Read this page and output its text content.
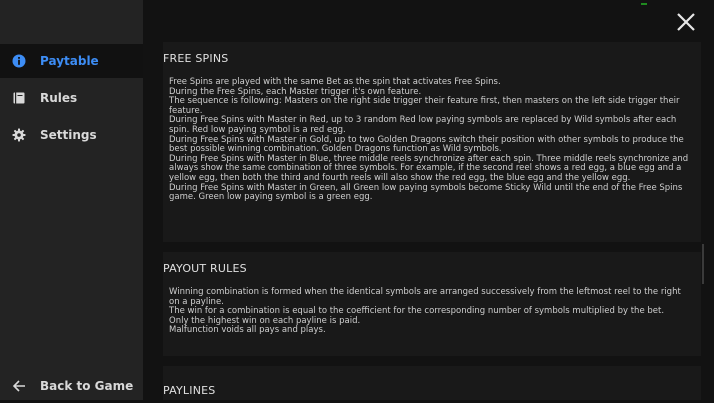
Paytable
Rules
Settings
Back to Game
FREE SPINS

Free Spins are played with the same Bet as the spin that activates Free Spins.

During the Free Spins, each Master trigger it's own feature.

The sequence is following: Masters on the right side trigger their feature first, then masters on the left side trigger their feature.

During Free Spins with Master in Red, up to 3 random Red low paying symbols are replaced by Wild symbols after each spin. Red low paying symbol is a red egg.

During Free Spins with Master in Gold, up to two Golden Dragons switch their position with other symbols to produce the best possible winning combination. Golden Dragons function as Wild symbols.

During Free Spins with Master in Blue, three middle reels synchronize after each spin. Three middle reels synchronize and always show the same combination of three symbols. For example, if the second reel shows a red egg, a blue egg and a yellow egg, then both the third and fourth reels will also show the red egg, the blue egg and the yellow egg.

During Free Spins with Master in Green, all Green low paying symbols become Sticky Wild until the end of the Free Spins game. Green low paying symbol is a green egg.

PAYOUT RULES

Winning combination is formed when the identical symbols are arranged successively from the leftmost reel to the right on a payline.

The win for a combination is equal to the coefficient for the corresponding number of symbols multiplied by the bet.

Only the highest win on each payline is paid.

Malfunction voids all pays and plays.

PAYLINES
